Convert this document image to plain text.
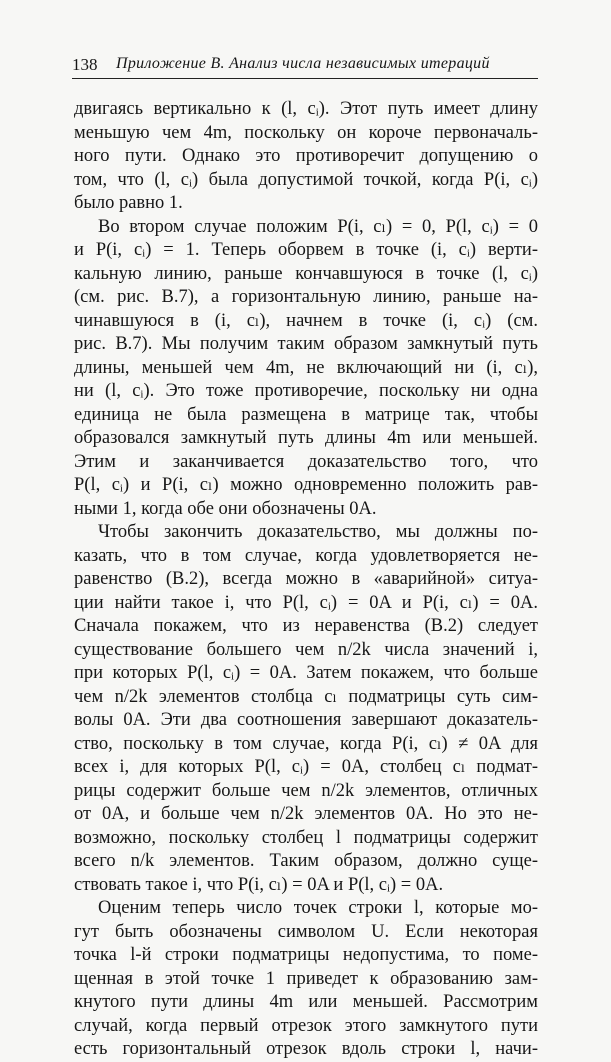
138 Приложение В. Анализ числа независимых итераций
двигаясь вертикально к (l, cᵢ). Этот путь имеет длину
меньшую чем 4m, поскольку он короче первоначаль-
ного пути. Однако это противоречит допущению о
том, что (l, cᵢ) была допустимой точкой, когда P(i, cᵢ)
было равно 1.
Во втором случае положим P(i, cₗ) = 0, P(l, cᵢ) = 0
и P(i, cᵢ) = 1. Теперь оборвем в точке (i, cᵢ) верти-
кальную линию, раньше кончавшуюся в точке (l, cᵢ)
(см. рис. В.7), а горизонтальную линию, раньше на-
чинавшуюся в (i, cₗ), начнем в точке (i, cᵢ) (см.
рис. В.7). Мы получим таким образом замкнутый путь
длины, меньшей чем 4m, не включающий ни (i, cₗ),
ни (l, cᵢ). Это тоже противоречие, поскольку ни одна
единица не была размещена в матрице так, чтобы
образовался замкнутый путь длины 4m или меньшей.
Этим и заканчивается доказательство того, что
P(l, cᵢ) и P(i, cₗ) можно одновременно положить рав-
ными 1, когда обе они обозначены 0A.
Чтобы закончить доказательство, мы должны по-
казать, что в том случае, когда удовлетворяется не-
равенство (B.2), всегда можно в «аварийной» ситуа-
ции найти такое i, что P(l, cᵢ) = 0A и P(i, cₗ) = 0A.
Сначала покажем, что из неравенства (B.2) следует
существование большего чем n/2k числа значений i,
при которых P(l, cᵢ) = 0A. Затем покажем, что больше
чем n/2k элементов столбца cₗ подматрицы суть сим-
волы 0A. Эти два соотношения завершают доказатель-
ство, поскольку в том случае, когда P(i, cₗ) ≠ 0A для
всех i, для которых P(l, cᵢ) = 0A, столбец cₗ подмат-
рицы содержит больше чем n/2k элементов, отличных
от 0A, и больше чем n/2k элементов 0A. Но это не-
возможно, поскольку столбец l подматрицы содержит
всего n/k элементов. Таким образом, должно суще-
ствовать такое i, что P(i, cₗ) = 0A и P(l, cᵢ) = 0A.
Оценим теперь число точек строки l, которые мо-
гут быть обозначены символом U. Если некоторая
точка l-й строки подматрицы недопустима, то поме-
щенная в этой точке 1 приведет к образованию зам-
кнутого пути длины 4m или меньшей. Рассмотрим
случай, когда первый отрезок этого замкнутого пути
есть горизонтальный отрезок вдоль строки l, начи-
